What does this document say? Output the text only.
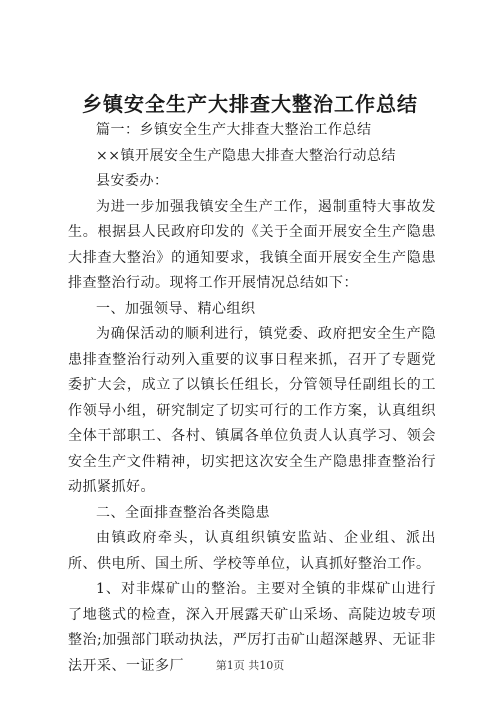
乡镇安全生产大排查大整治工作总结

篇一：乡镇安全生产大排查大整治工作总结

××镇开展安全生产隐患大排查大整治行动总结

县安委办：

为进一步加强我镇安全生产工作，遏制重特大事故发生。根据县人民政府印发的《关于全面开展安全生产隐患大排查大整治》的通知要求，我镇全面开展安全生产隐患排查整治行动。现将工作开展情况总结如下：

一、加强领导、精心组织

为确保活动的顺利进行，镇党委、政府把安全生产隐患排查整治行动列入重要的议事日程来抓，召开了专题党委扩大会，成立了以镇长任组长，分管领导任副组长的工作领导小组，研究制定了切实可行的工作方案，认真组织全体干部职工、各村、镇属各单位负责人认真学习、领会安全生产文件精神，切实把这次安全生产隐患排查整治行动抓紧抓好。

二、全面排查整治各类隐患

由镇政府牵头，认真组织镇安监站、企业组、派出所、供电所、国土所、学校等单位，认真抓好整治工作。

1、对非煤矿山的整治。主要对全镇的非煤矿山进行了地毯式的检查，深入开展露天矿山采场、高陡边坡专项整治;加强部门联动执法，严厉打击矿山超深越界、无证非法开采、一证多厂	第1页 共10页
